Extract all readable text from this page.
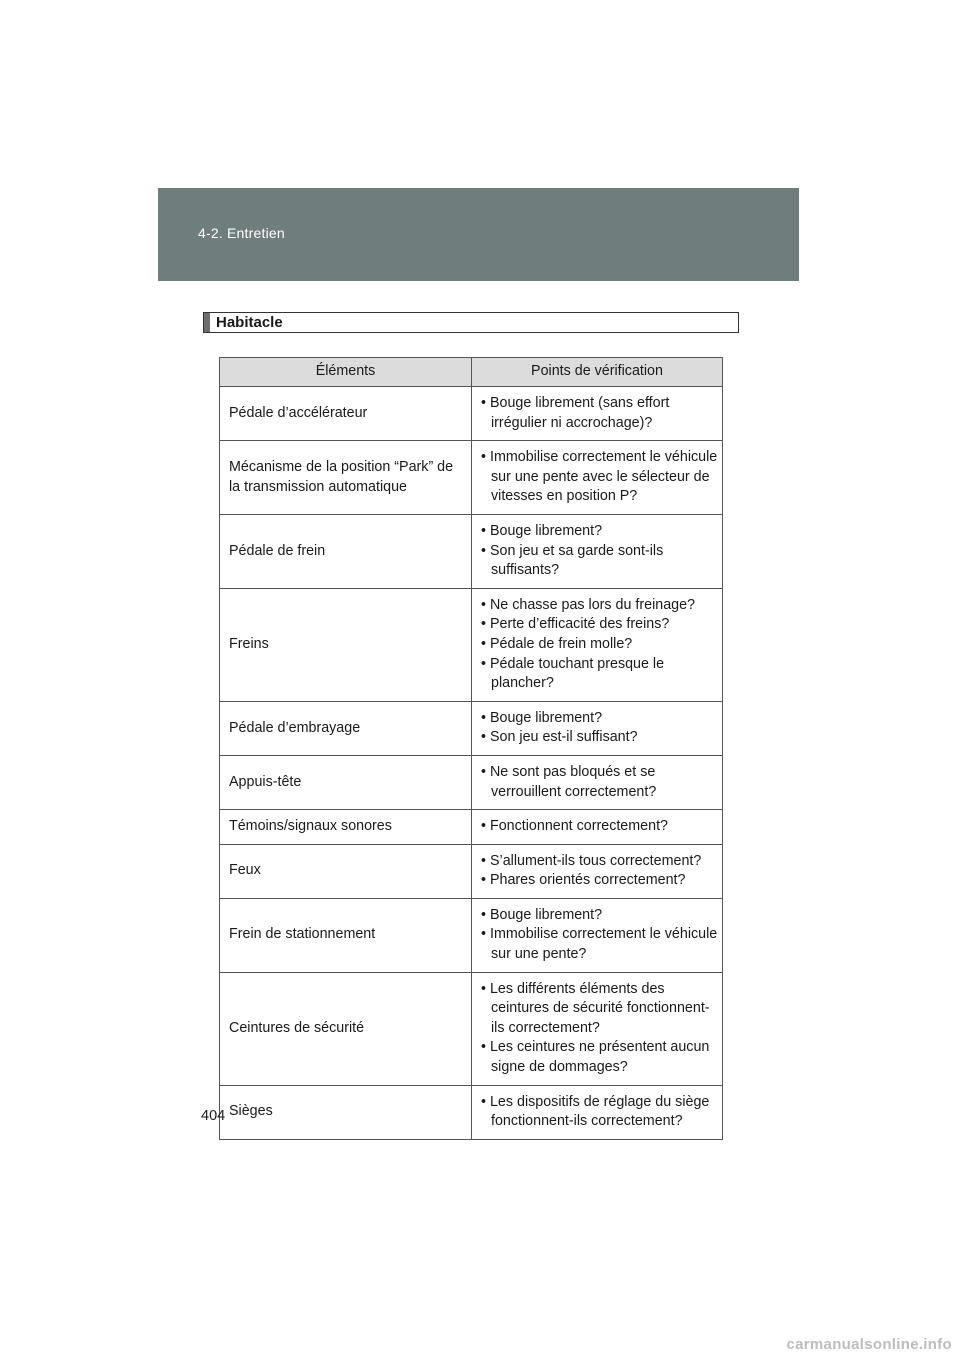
4-2. Entretien
Habitacle
Éléments	Points de vérification
Pédale d’accélérateur	• Bouge librement (sans effort irrégulier ni accrochage)?

Mécanisme de la position “Park” de la transmission automatique	• Immobilise correctement le véhicule sur une pente avec le sélecteur de vitesses en position P?

Pédale de frein	• Bouge librement?
• Son jeu et sa garde sont-ils suffisants?

Freins	• Ne chasse pas lors du freinage?
• Perte d’efficacité des freins?
• Pédale de frein molle?
• Pédale touchant presque le plancher?

Pédale d’embrayage	• Bouge librement?
• Son jeu est-il suffisant?

Appuis-tête	• Ne sont pas bloqués et se verrouillent correctement?

Témoins/signaux sonores	• Fonctionnent correctement?

Feux	• S’allument-ils tous correctement?
• Phares orientés correctement?

Frein de stationnement	• Bouge librement?
• Immobilise correctement le véhicule sur une pente?

Ceintures de sécurité	• Les différents éléments des ceintures de sécurité fonctionnent-ils correctement?
• Les ceintures ne présentent aucun signe de dommages?

Sièges	• Les dispositifs de réglage du siège fonctionnent-ils correctement?
404
carmanualsonline.info
